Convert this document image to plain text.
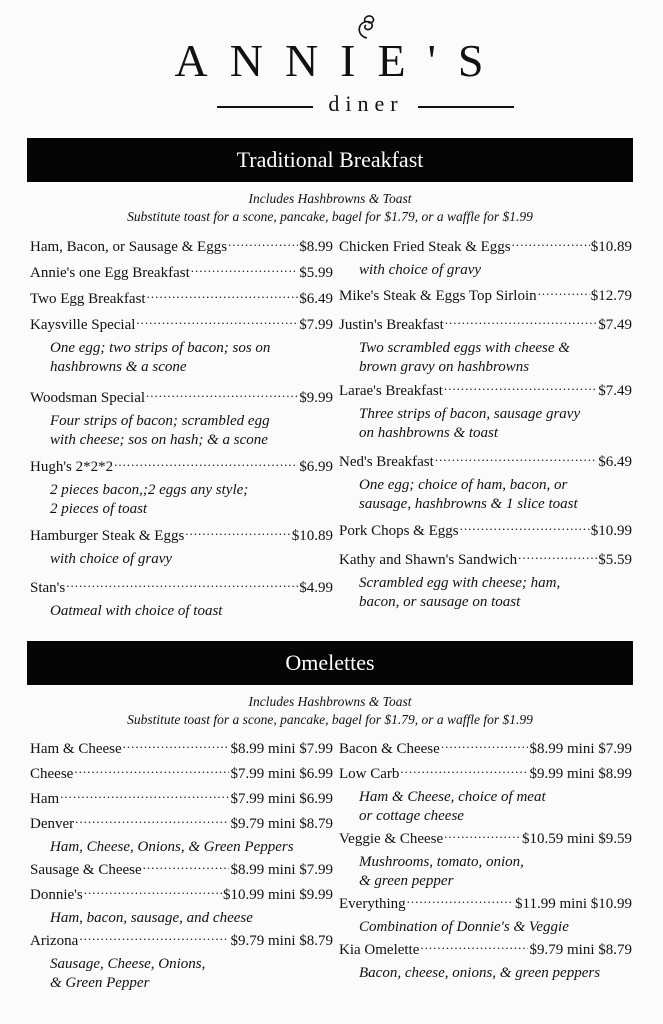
ANNIE'S
diner
Traditional Breakfast
Includes Hashbrowns & Toast
Substitute toast for a scone, pancake, bagel for $1.79, or a waffle for $1.99
Ham, Bacon, or Sausage & Eggs .....	$8.99
Annie's one Egg Breakfast .....	$5.99
Two Egg Breakfast .....	$6.49
Kaysville Special .....	$7.99
One egg; two strips of bacon; sos on
hashbrowns & a scone
Woodsman Special .....	$9.99
Four strips of bacon; scrambled egg
with cheese; sos on hash; & a scone
Hugh's 2*2*2 .....	$6.99
2 pieces bacon,;2 eggs any style;
2 pieces of toast
Hamburger Steak & Eggs .....	$10.89
with choice of gravy
Stan's .....	$4.99
Oatmeal with choice of toast
Chicken Fried Steak & Eggs .....	$10.89
with choice of gravy
Mike's Steak & Eggs Top Sirloin .....	$12.79
Justin's Breakfast .....	$7.49
Two scrambled eggs with cheese &
brown gravy on hashbrowns
Larae's Breakfast .....	$7.49
Three strips of bacon, sausage gravy
on hashbrowns & toast
Ned's Breakfast .....	$6.49
One egg; choice of ham, bacon, or
sausage, hashbrowns & 1 slice toast
Pork Chops & Eggs .....	$10.99
Kathy and Shawn's Sandwich .....	$5.59
Scrambled egg with cheese; ham,
bacon, or sausage on toast
Omelettes
Includes Hashbrowns & Toast
Substitute toast for a scone, pancake, bagel for $1.79, or a waffle for $1.99
Ham & Cheese .....	$8.99 mini $7.99
Cheese .....	$7.99 mini $6.99
Ham .....	$7.99 mini $6.99
Denver .....	$9.79 mini $8.79
Ham, Cheese, Onions, & Green Peppers
Sausage & Cheese .....	$8.99 mini $7.99
Donnie's .....	$10.99 mini $9.99
Ham, bacon, sausage, and cheese
Arizona .....	$9.79 mini $8.79
Sausage, Cheese, Onions,
& Green Pepper
Bacon & Cheese .....	$8.99 mini $7.99
Low Carb .....	$9.99 mini $8.99
Ham & Cheese, choice of meat
or cottage cheese
Veggie & Cheese .....	$10.59 mini $9.59
Mushrooms, tomato, onion,
& green pepper
Everything .....	$11.99 mini $10.99
Combination of Donnie's & Veggie
Kia Omelette .....	$9.79 mini $8.79
Bacon, cheese, onions, & green peppers
